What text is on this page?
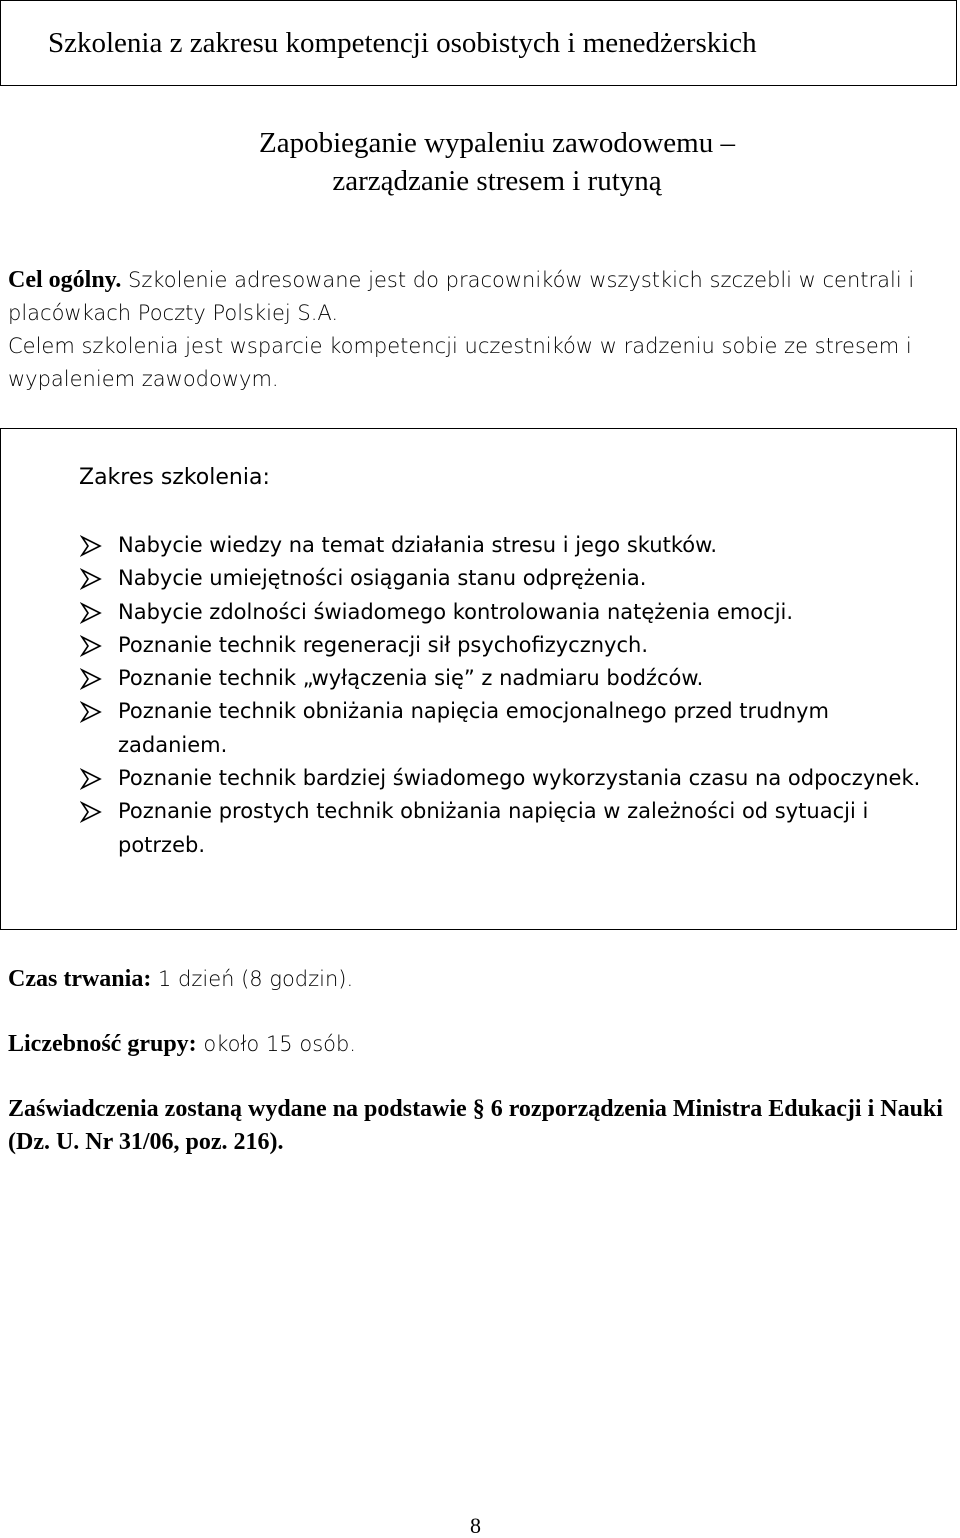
Szkolenia z zakresu kompetencji osobistych i menedżerskich
Zapobieganie wypaleniu zawodowemu –
zarządzanie stresem i rutyną

Cel ogólny. Szkolenie adresowane jest do pracowników wszystkich szczebli w centrali i placówkach Poczty Polskiej S.A.

Celem szkolenia jest wsparcie kompetencji uczestników w radzeniu sobie ze stresem i wypaleniem zawodowym.

Zakres szkolenia:
Nabycie wiedzy na temat działania stresu i jego skutków.
Nabycie umiejętności osiągania stanu odprężenia.
Nabycie zdolności świadomego kontrolowania natężenia emocji.
Poznanie technik regeneracji sił psychofizycznych.
Poznanie technik „wyłączenia się” z nadmiaru bodźców.
Poznanie technik obniżania napięcia emocjonalnego przed trudnym zadaniem.
Poznanie technik bardziej świadomego wykorzystania czasu na odpoczynek.
Poznanie prostych technik obniżania napięcia w zależności od sytuacji i potrzeb.
Czas trwania: 1 dzień (8 godzin).
Liczebność grupy: około 15 osób.
Zaświadczenia zostaną wydane na podstawie § 6 rozporządzenia Ministra Edukacji i Nauki (Dz. U. Nr 31/06, poz. 216).
8
